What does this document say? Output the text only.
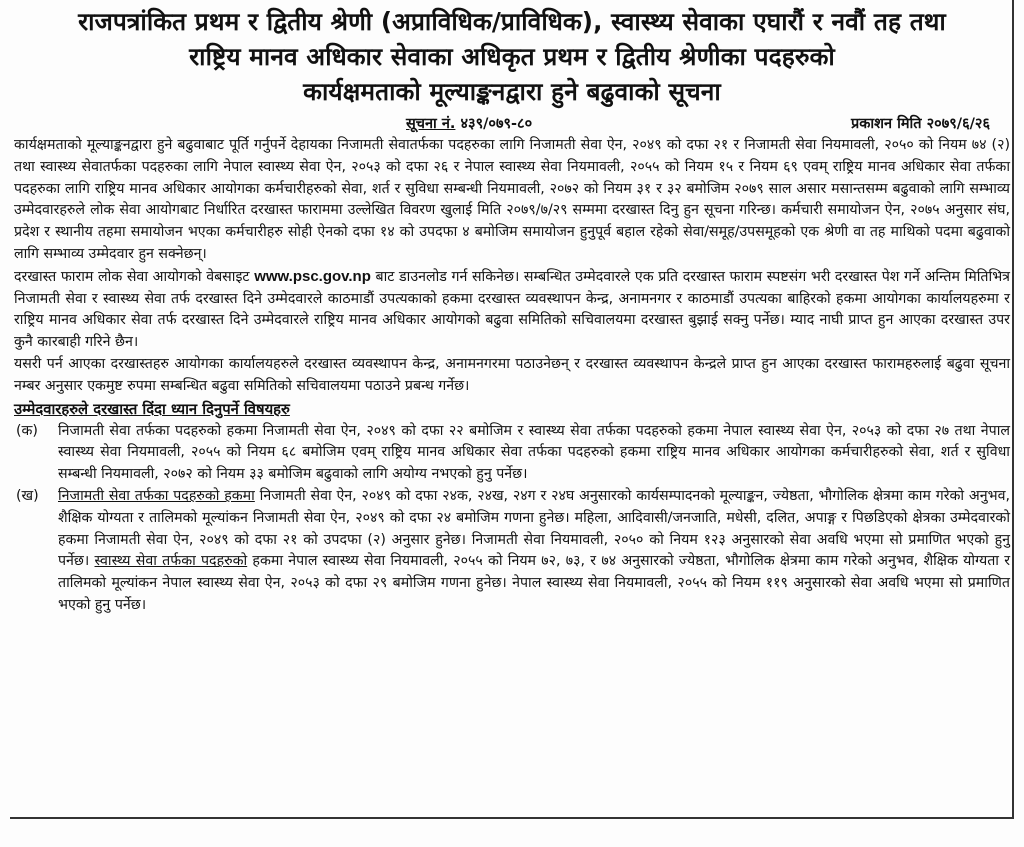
राजपत्रांकित प्रथम र द्वितीय श्रेणी (अप्राविधिक/प्राविधिक), स्वास्थ्य सेवाका एघारौं र नवौं तह तथा

राष्ट्रिय मानव अधिकार सेवाका अधिकृत प्रथम र द्वितीय श्रेणीका पदहरुको

कार्यक्षमताको मूल्याङ्कनद्वारा हुने बढुवाको सूचना

सूचना नं. ४३९/०७९-८०	प्रकाशन मिति २०७९/६/२६

कार्यक्षमताको मूल्याङ्कनद्वारा हुने बढुवाबाट पूर्ति गर्नुपर्ने देहायका निजामती सेवातर्फका पदहरुका लागि निजामती सेवा ऐन, २०४९ को दफा २१ र निजामती सेवा नियमावली, २०५० को नियम ७४ (२) तथा स्वास्थ्य सेवातर्फका पदहरुका लागि नेपाल स्वास्थ्य सेवा ऐन, २०५३ को दफा २६ र नेपाल स्वास्थ्य सेवा नियमावली, २०५५ को नियम १५ र नियम ६९ एवम् राष्ट्रिय मानव अधिकार सेवा तर्फका पदहरुका लागि राष्ट्रिय मानव अधिकार आयोगका कर्मचारीहरुको सेवा, शर्त र सुविधा सम्बन्धी नियमावली, २०७२ को नियम ३१ र ३२ बमोजिम २०७९ साल असार मसान्तसम्म बढुवाको लागि सम्भाव्य उम्मेदवारहरुले लोक सेवा आयोगबाट निर्धारित दरखास्त फाराममा उल्लेखित विवरण खुलाई मिति २०७९/७/२९ सम्ममा दरखास्त दिनु हुन सूचना गरिन्छ। कर्मचारी समायोजन ऐन, २०७५ अनुसार संघ, प्रदेश र स्थानीय तहमा समायोजन भएका कर्मचारीहरु सोही ऐनको दफा १४ को उपदफा ४ बमोजिम समायोजन हुनुपूर्व बहाल रहेको सेवा/समूह/उपसमूहको एक श्रेणी वा तह माथिको पदमा बढुवाको लागि सम्भाव्य उम्मेदवार हुन सक्नेछन्।

दरखास्त फाराम लोक सेवा आयोगको वेबसाइट www.psc.gov.np बाट डाउनलोड गर्न सकिनेछ। सम्बन्धित उम्मेदवारले एक प्रति दरखास्त फाराम स्पष्टसंग भरी दरखास्त पेश गर्ने अन्तिम मितिभित्र निजामती सेवा र स्वास्थ्य सेवा तर्फ दरखास्त दिने उम्मेदवारले काठमाडौं उपत्यकाको हकमा दरखास्त व्यवस्थापन केन्द्र, अनामनगर र काठमाडौं उपत्यका बाहिरको हकमा आयोगका कार्यालयहरुमा र राष्ट्रिय मानव अधिकार सेवा तर्फ दरखास्त दिने उम्मेदवारले राष्ट्रिय मानव अधिकार आयोगको बढुवा समितिको सचिवालयमा दरखास्त बुझाई सक्नु पर्नेछ। म्याद नाघी प्राप्त हुन आएका दरखास्त उपर कुनै कारबाही गरिने छैन।

यसरी पर्न आएका दरखास्तहरु आयोगका कार्यालयहरुले दरखास्त व्यवस्थापन केन्द्र, अनामनगरमा पठाउनेछन् र दरखास्त व्यवस्थापन केन्द्रले प्राप्त हुन आएका दरखास्त फारामहरुलाई बढुवा सूचना नम्बर अनुसार एकमुष्ट रुपमा सम्बन्धित बढुवा समितिको सचिवालयमा पठाउने प्रबन्ध गर्नेछ।

उम्मेदवारहरुले दरखास्त दिंदा ध्यान दिनुपर्ने विषयहरु

(क) निजामती सेवा तर्फका पदहरुको हकमा निजामती सेवा ऐन, २०४९ को दफा २२ बमोजिम र स्वास्थ्य सेवा तर्फका पदहरुको हकमा नेपाल स्वास्थ्य सेवा ऐन, २०५३ को दफा २७ तथा नेपाल स्वास्थ्य सेवा नियमावली, २०५५ को नियम ६८ बमोजिम एवम् राष्ट्रिय मानव अधिकार सेवा तर्फका पदहरुको हकमा राष्ट्रिय मानव अधिकार आयोगका कर्मचारीहरुको सेवा, शर्त र सुविधा सम्बन्धी नियमावली, २०७२ को नियम ३३ बमोजिम बढुवाको लागि अयोग्य नभएको हुनु पर्नेछ।
(ख) निजामती सेवा तर्फका पदहरुको हकमा निजामती सेवा ऐन, २०४९ को दफा २४क, २४ख, २४ग र २४घ अनुसारको कार्यसम्पादनको मूल्याङ्कन, ज्येष्ठता, भौगोलिक क्षेत्रमा काम गरेको अनुभव, शैक्षिक योग्यता र तालिमको मूल्यांकन निजामती सेवा ऐन, २०४९ को दफा २४ बमोजिम गणना हुनेछ। महिला, आदिवासी/जनजाति, मधेसी, दलित, अपाङ्ग र पिछडिएको क्षेत्रका उम्मेदवारको हकमा निजामती सेवा ऐन, २०४९ को दफा २१ को उपदफा (२) अनुसार हुनेछ। निजामती सेवा नियमावली, २०५० को नियम १२३ अनुसारको सेवा अवधि भएमा सो प्रमाणित भएको हुनु पर्नेछ। स्वास्थ्य सेवा तर्फका पदहरुको हकमा नेपाल स्वास्थ्य सेवा नियमावली, २०५५ को नियम ७२, ७३, र ७४ अनुसारको ज्येष्ठता, भौगोलिक क्षेत्रमा काम गरेको अनुभव, शैक्षिक योग्यता र तालिमको मूल्यांकन नेपाल स्वास्थ्य सेवा ऐन, २०५३ को दफा २९ बमोजिम गणना हुनेछ। नेपाल स्वास्थ्य सेवा नियमावली, २०५५ को नियम ११९ अनुसारको सेवा अवधि भएमा सो प्रमाणित भएको हुनु पर्नेछ।
